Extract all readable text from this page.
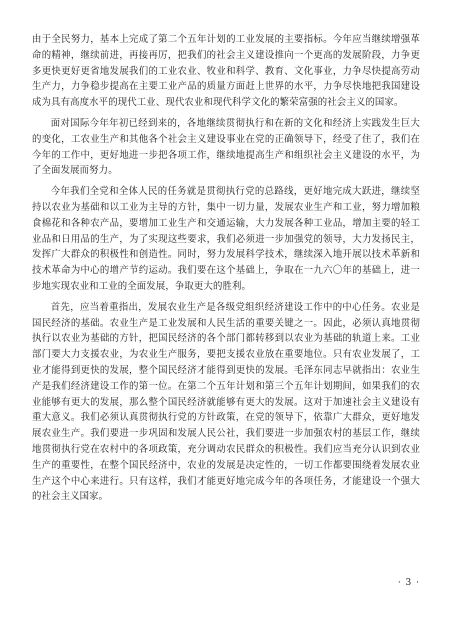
由于全民努力，基本上完成了第二个五年计划的工业发展的主要指标。今年应当继续增强革命的精神，继续前进，再接再厉，把我们的社会主义建设推向一个更高的发展阶段，力争更多更快更好更省地发展我们的工业农业、牧业和科学、教育、文化事业，力争尽快提高劳动生产力，力争稳步提高在主要工业产品的质量方面赶上世界的水平，力争尽快地把我国建设成为具有高度水平的现代工业、现代农业和现代科学文化的繁荣富强的社会主义的国家。

面对国际今年年初已经到来的，各地继续贯彻执行和在新的文化和经济上实践发生巨大的变化，工农业生产和其他各个社会主义建设事业在党的正确领导下，经受了住了，我们在今年的工作中，更好地进一步把各项工作，继续地提高生产和组织社会主义建设的水平，为了全面发展而努力。

今年我们全党和全体人民的任务就是贯彻执行党的总路线，更好地完成大跃进，继续坚持以农业为基础和以工业为主导的方针，集中一切力量，发展农业生产和工业，努力增加粮食棉花和各种农产品，要增加工业生产和交通运输，大力发展各种工业品，增加主要的轻工业品和日用品的生产，为了实现这些要求，我们必须进一步加强党的领导，大力发扬民主，发挥广大群众的积极性和创造性。同时，努力发展科学技术，继续深入地开展以技术革新和技术革命为中心的增产节约运动。我们要在这个基础上，争取在一九六〇年的基础上，进一步地实现农业和工业的全面发展，争取更大的胜利。

首先，应当着重指出，发展农业生产是各级党组织经济建设工作中的中心任务。农业是国民经济的基础。农业生产是工业发展和人民生活的重要关键之一。因此，必须认真地贯彻执行以农业为基础的方针，把国民经济的各个部门都转移到以农业为基础的轨道上来。工业部门要大力支援农业，为农业生产服务，要把支援农业放在重要地位。只有农业发展了，工业才能得到更快的发展，整个国民经济才能得到更快的发展。毛泽东同志早就指出：农业生产是我们经济建设工作的第一位。在第二个五年计划和第三个五年计划期间，如果我们的农业能够有更大的发展，那么整个国民经济就能够有更大的发展。这对于加速社会主义建设有重大意义。我们必须认真贯彻执行党的方针政策，在党的领导下，依靠广大群众，更好地发展农业生产。我们要进一步巩固和发展人民公社，我们要进一步加强农村的基层工作，继续地贯彻执行党在农村中的各项政策，充分调动农民群众的积极性。我们应当充分认识到农业生产的重要性，在整个国民经济中，农业的发展是决定性的，一切工作都要围绕着发展农业生产这个中心来进行。只有这样，我们才能更好地完成今年的各项任务，才能建设一个强大的社会主义国家。

· 3 ·
